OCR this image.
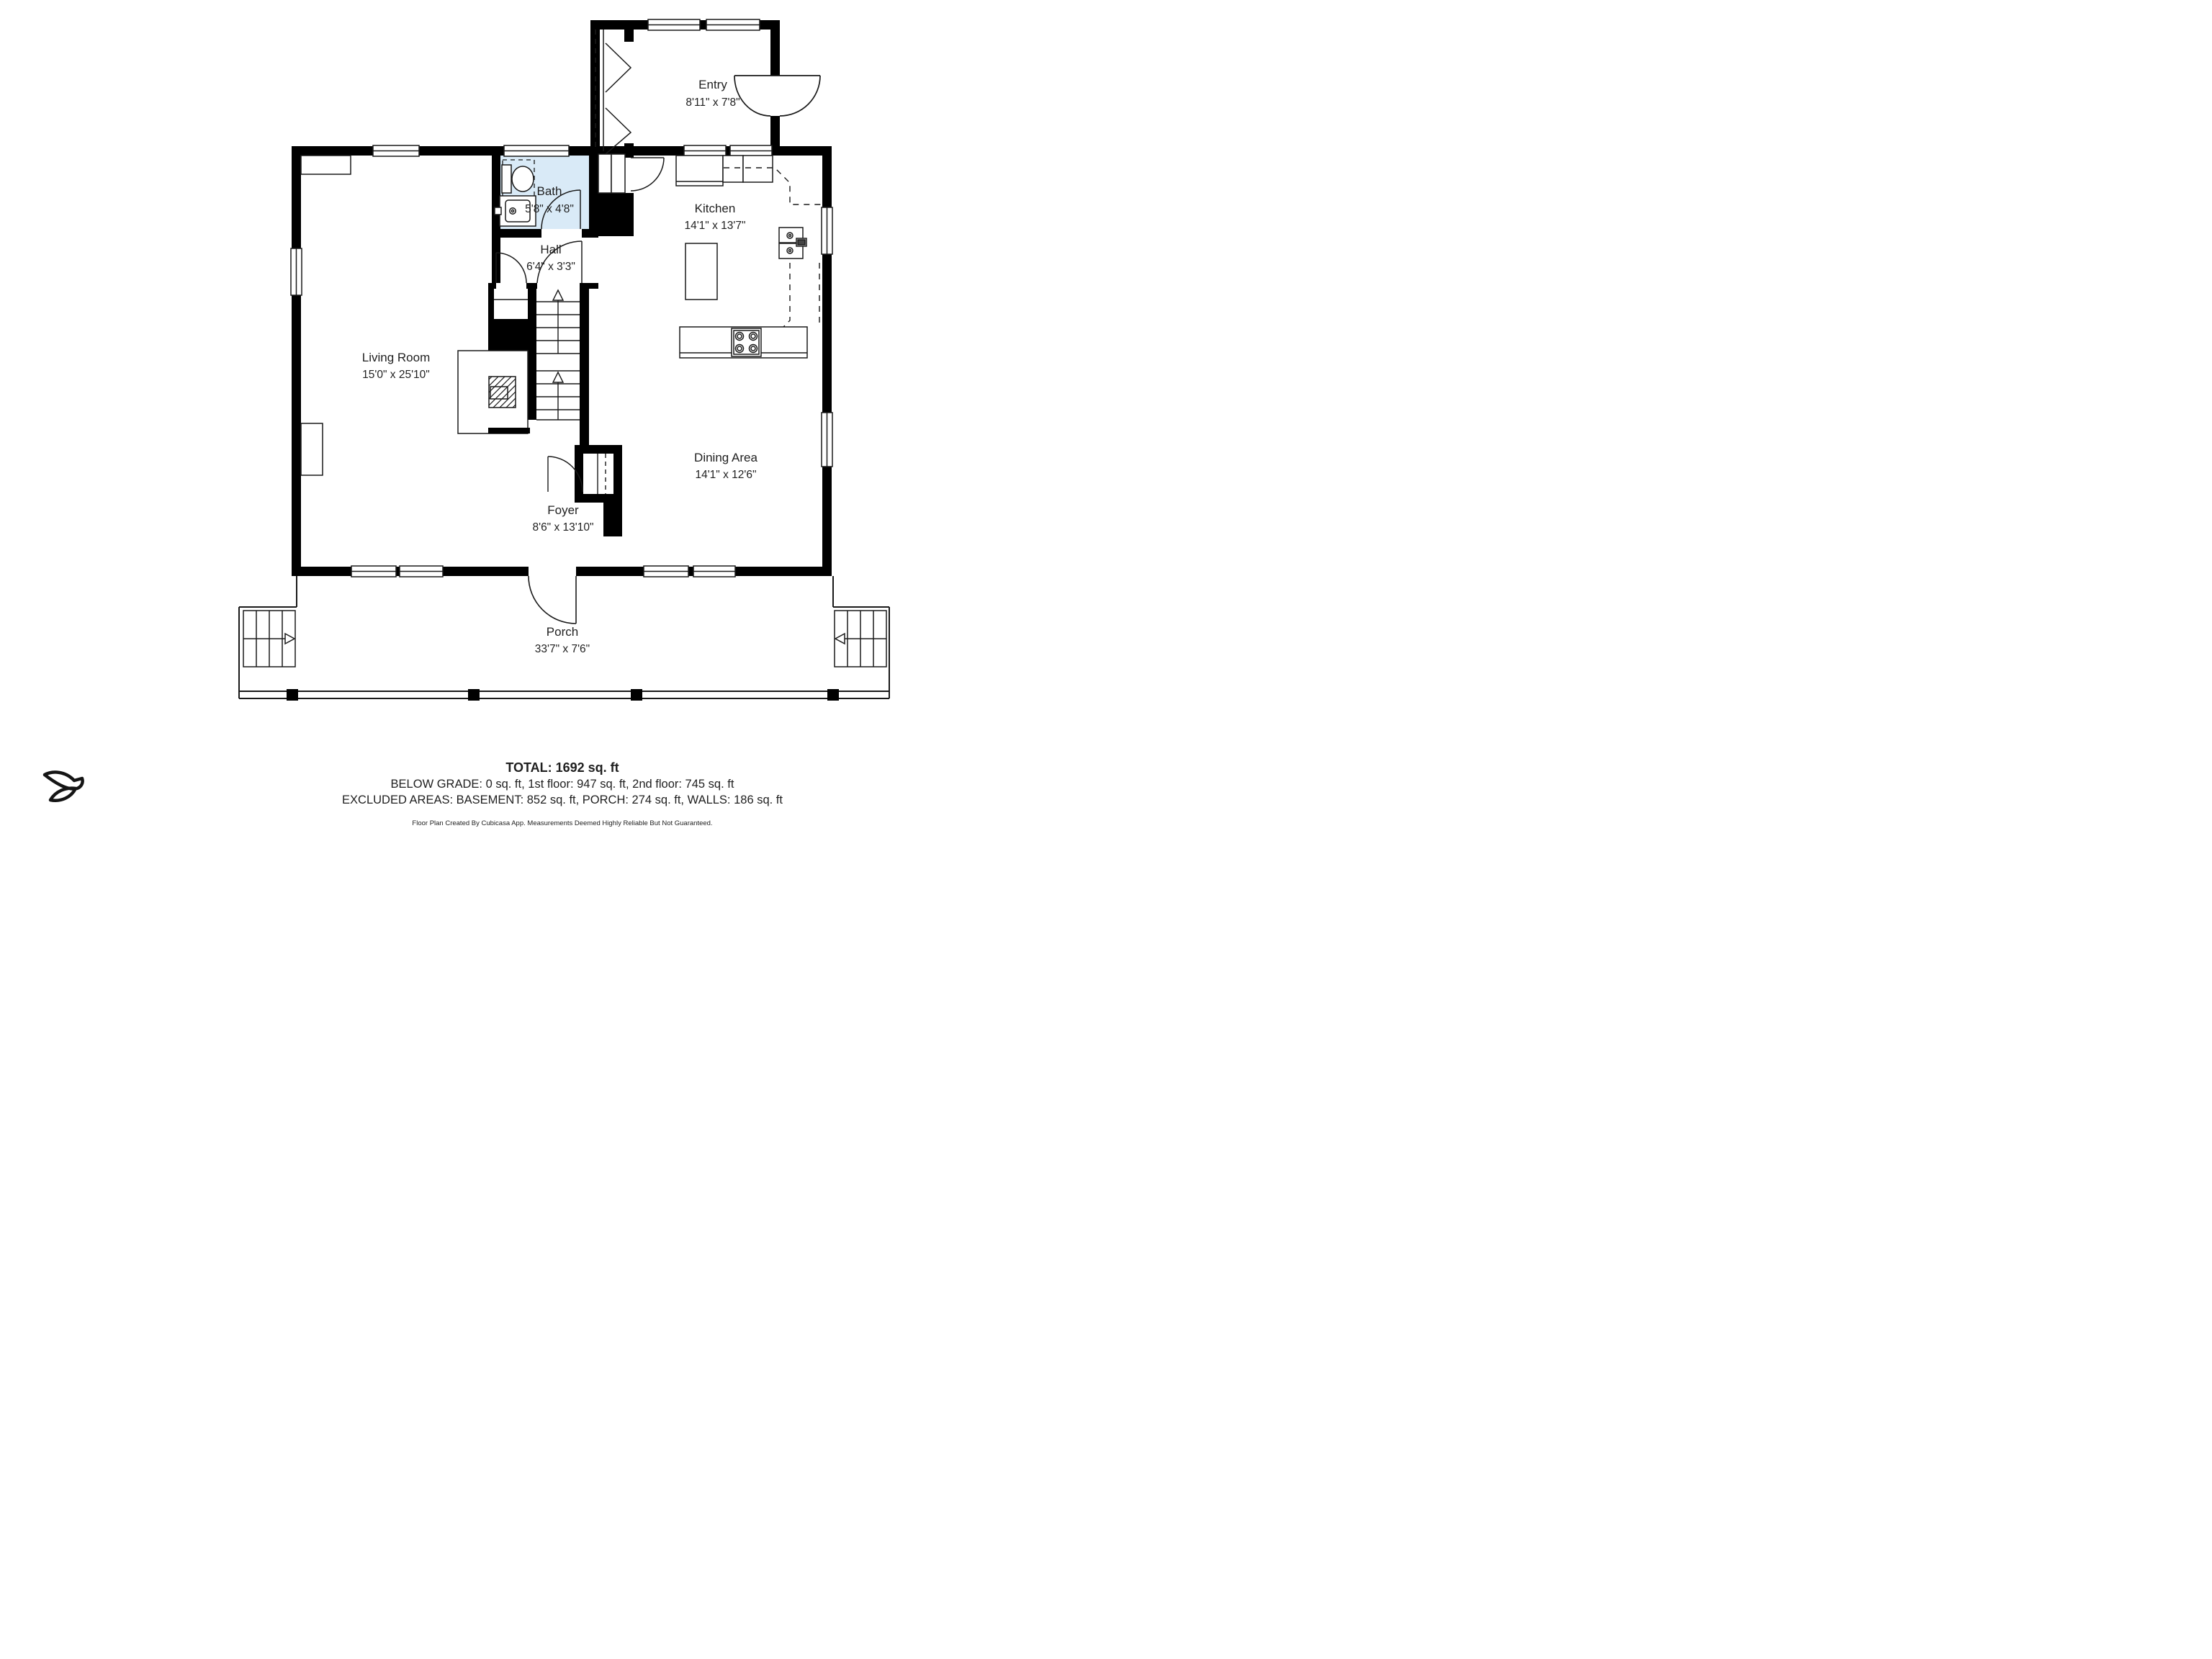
Entry
8'11" x 7'8"
Bath
5'8" x 4'8"
Hall
6'4" x 3'3"
Kitchen
14'1" x 13'7"
Living Room
15'0" x 25'10"
Dining Area
14'1" x 12'6"
Foyer
8'6" x 13'10"
Porch
33'7" x 7'6"
TOTAL: 1692 sq. ft
BELOW GRADE: 0 sq. ft, 1st floor: 947 sq. ft, 2nd floor: 745 sq. ft
EXCLUDED AREAS: BASEMENT: 852 sq. ft, PORCH: 274 sq. ft, WALLS: 186 sq. ft
Floor Plan Created By Cubicasa App. Measurements Deemed Highly Reliable But Not Guaranteed.
